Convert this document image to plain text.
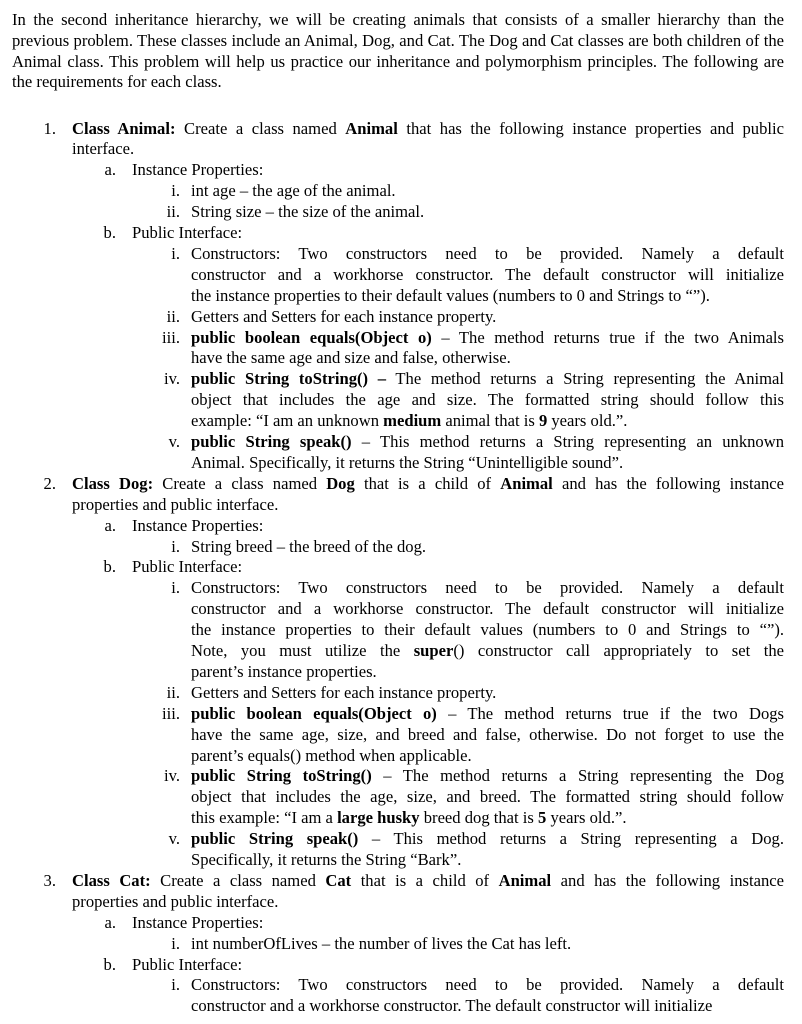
In the second inheritance hierarchy, we will be creating animals that consists of a smaller hierarchy than the previous problem. These classes include an Animal, Dog, and Cat. The Dog and Cat classes are both children of the Animal class. This problem will help us practice our inheritance and polymorphism principles. The following are the requirements for each class.

1. Class Animal: Create a class named Animal that has the following instance properties and public
interface.
a. Instance Properties:
i. int age – the age of the animal.
ii. String size – the size of the animal.
b. Public Interface:
i. Constructors: Two constructors need to be provided. Namely a default
constructor and a workhorse constructor. The default constructor will initialize
the instance properties to their default values (numbers to 0 and Strings to “”).
ii. Getters and Setters for each instance property.
iii. public boolean equals(Object o) – The method returns true if the two Animals
have the same age and size and false, otherwise.
iv. public String toString() – The method returns a String representing the Animal
object that includes the age and size. The formatted string should follow this
example: “I am an unknown medium animal that is 9 years old.”.
v. public String speak() – This method returns a String representing an unknown
Animal. Specifically, it returns the String “Unintelligible sound”.
2. Class Dog: Create a class named Dog that is a child of Animal and has the following instance
properties and public interface.
a. Instance Properties:
i. String breed – the breed of the dog.
b. Public Interface:
i. Constructors: Two constructors need to be provided. Namely a default
constructor and a workhorse constructor. The default constructor will initialize
the instance properties to their default values (numbers to 0 and Strings to “”).
Note, you must utilize the super() constructor call appropriately to set the
parent’s instance properties.
ii. Getters and Setters for each instance property.
iii. public boolean equals(Object o) – The method returns true if the two Dogs
have the same age, size, and breed and false, otherwise. Do not forget to use the
parent’s equals() method when applicable.
iv. public String toString() – The method returns a String representing the Dog
object that includes the age, size, and breed. The formatted string should follow
this example: “I am a large husky breed dog that is 5 years old.”.
v. public String speak() – This method returns a String representing a Dog.
Specifically, it returns the String “Bark”.
3. Class Cat: Create a class named Cat that is a child of Animal and has the following instance
properties and public interface.
a. Instance Properties:
i. int numberOfLives – the number of lives the Cat has left.
b. Public Interface:
i. Constructors: Two constructors need to be provided. Namely a default
constructor and a workhorse constructor. The default constructor will initialize
